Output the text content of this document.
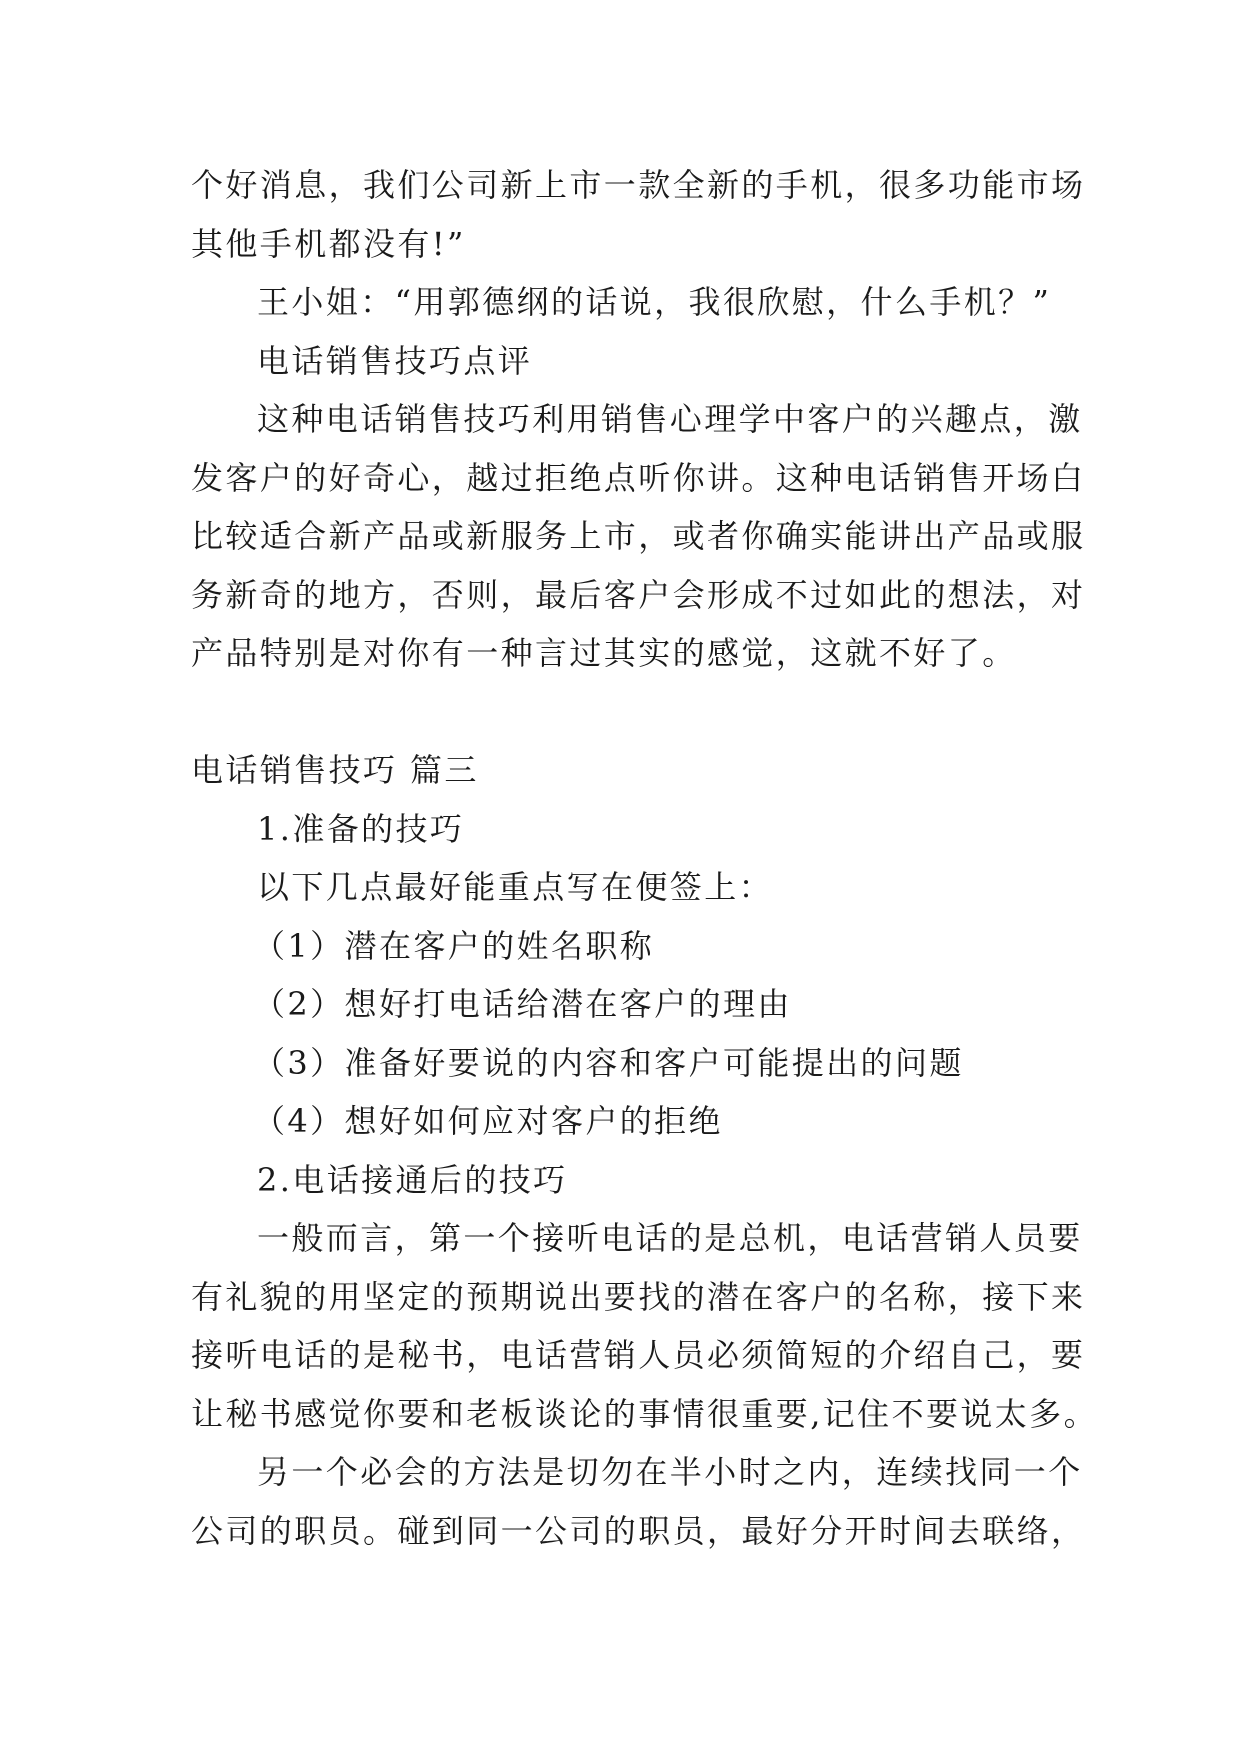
个好消息，我们公司新上市一款全新的手机，很多功能市场
其他手机都没有!”
王小姐：“用郭德纲的话说，我很欣慰，什么手机？”
电话销售技巧点评
这种电话销售技巧利用销售心理学中客户的兴趣点，激
发客户的好奇心，越过拒绝点听你讲。这种电话销售开场白
比较适合新产品或新服务上市，或者你确实能讲出产品或服
务新奇的地方，否则，最后客户会形成不过如此的想法，对
产品特别是对你有一种言过其实的感觉，这就不好了。
电话销售技巧 篇三
1.准备的技巧
以下几点最好能重点写在便签上：
（1）潜在客户的姓名职称
（2）想好打电话给潜在客户的理由
（3）准备好要说的内容和客户可能提出的问题
（4）想好如何应对客户的拒绝
2.电话接通后的技巧
一般而言，第一个接听电话的是总机，电话营销人员要
有礼貌的用坚定的预期说出要找的潜在客户的名称，接下来
接听电话的是秘书，电话营销人员必须简短的介绍自己，要
让秘书感觉你要和老板谈论的事情很重要,记住不要说太多。
另一个必会的方法是切勿在半小时之内，连续找同一个
公司的职员。碰到同一公司的职员，最好分开时间去联络，
